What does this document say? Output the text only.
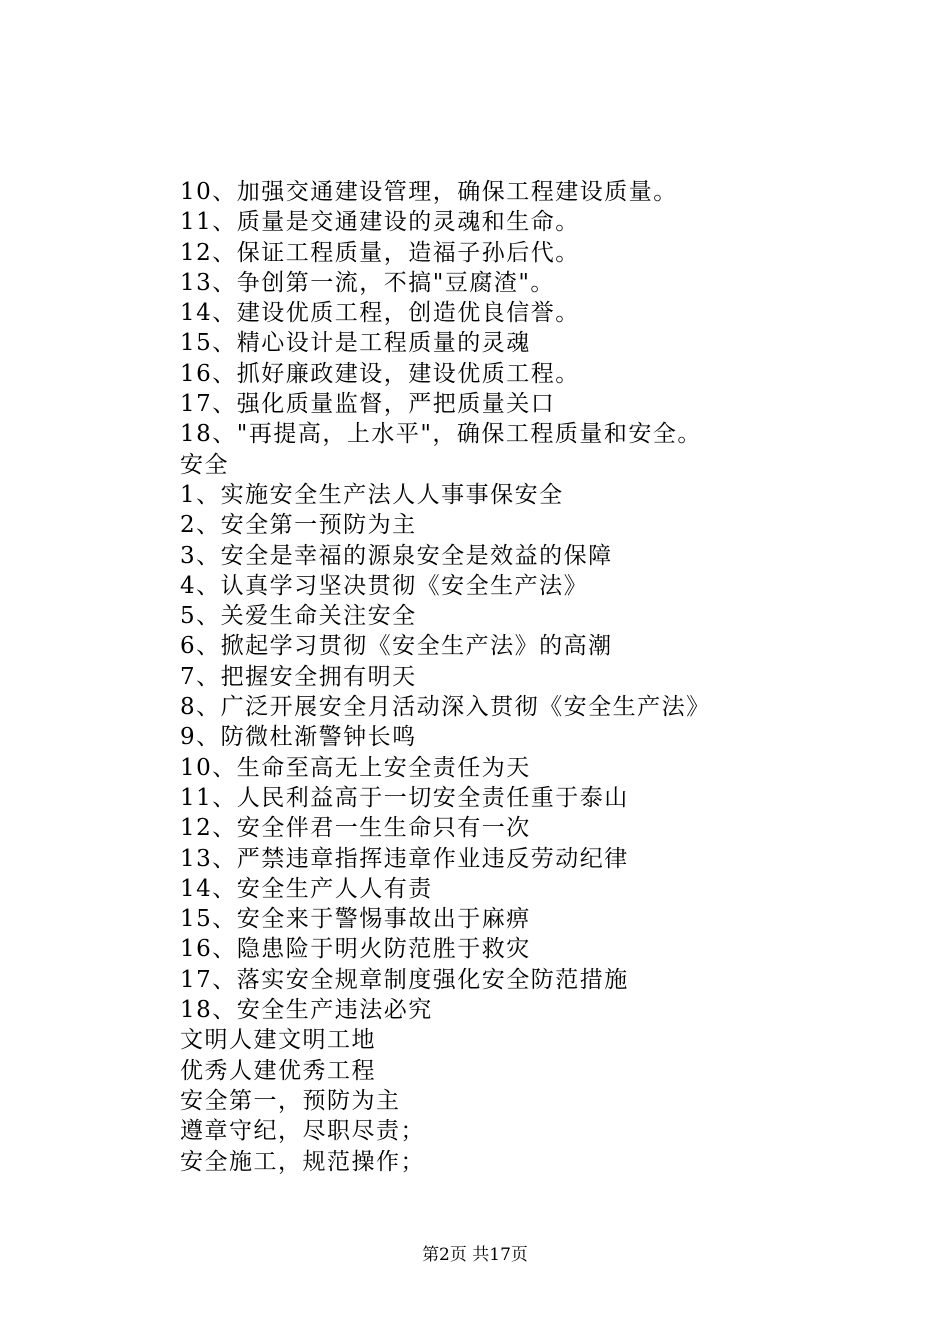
10、加强交通建设管理，确保工程建设质量。
11、质量是交通建设的灵魂和生命。
12、保证工程质量，造福子孙后代。
13、争创第一流，不搞"豆腐渣"。
14、建设优质工程，创造优良信誉。
15、精心设计是工程质量的灵魂
16、抓好廉政建设，建设优质工程。
17、强化质量监督，严把质量关口
18、"再提高，上水平"，确保工程质量和安全。
安全
1、实施安全生产法人人事事保安全
2、安全第一预防为主
3、安全是幸福的源泉安全是效益的保障
4、认真学习坚决贯彻《安全生产法》
5、关爱生命关注安全
6、掀起学习贯彻《安全生产法》的高潮
7、把握安全拥有明天
8、广泛开展安全月活动深入贯彻《安全生产法》
9、防微杜渐警钟长鸣
10、生命至高无上安全责任为天
11、人民利益高于一切安全责任重于泰山
12、安全伴君一生生命只有一次
13、严禁违章指挥违章作业违反劳动纪律
14、安全生产人人有责
15、安全来于警惕事故出于麻痹
16、隐患险于明火防范胜于救灾
17、落实安全规章制度强化安全防范措施
18、安全生产违法必究
文明人建文明工地
优秀人建优秀工程
安全第一，预防为主
遵章守纪，尽职尽责；
安全施工，规范操作；
第2页 共17页
